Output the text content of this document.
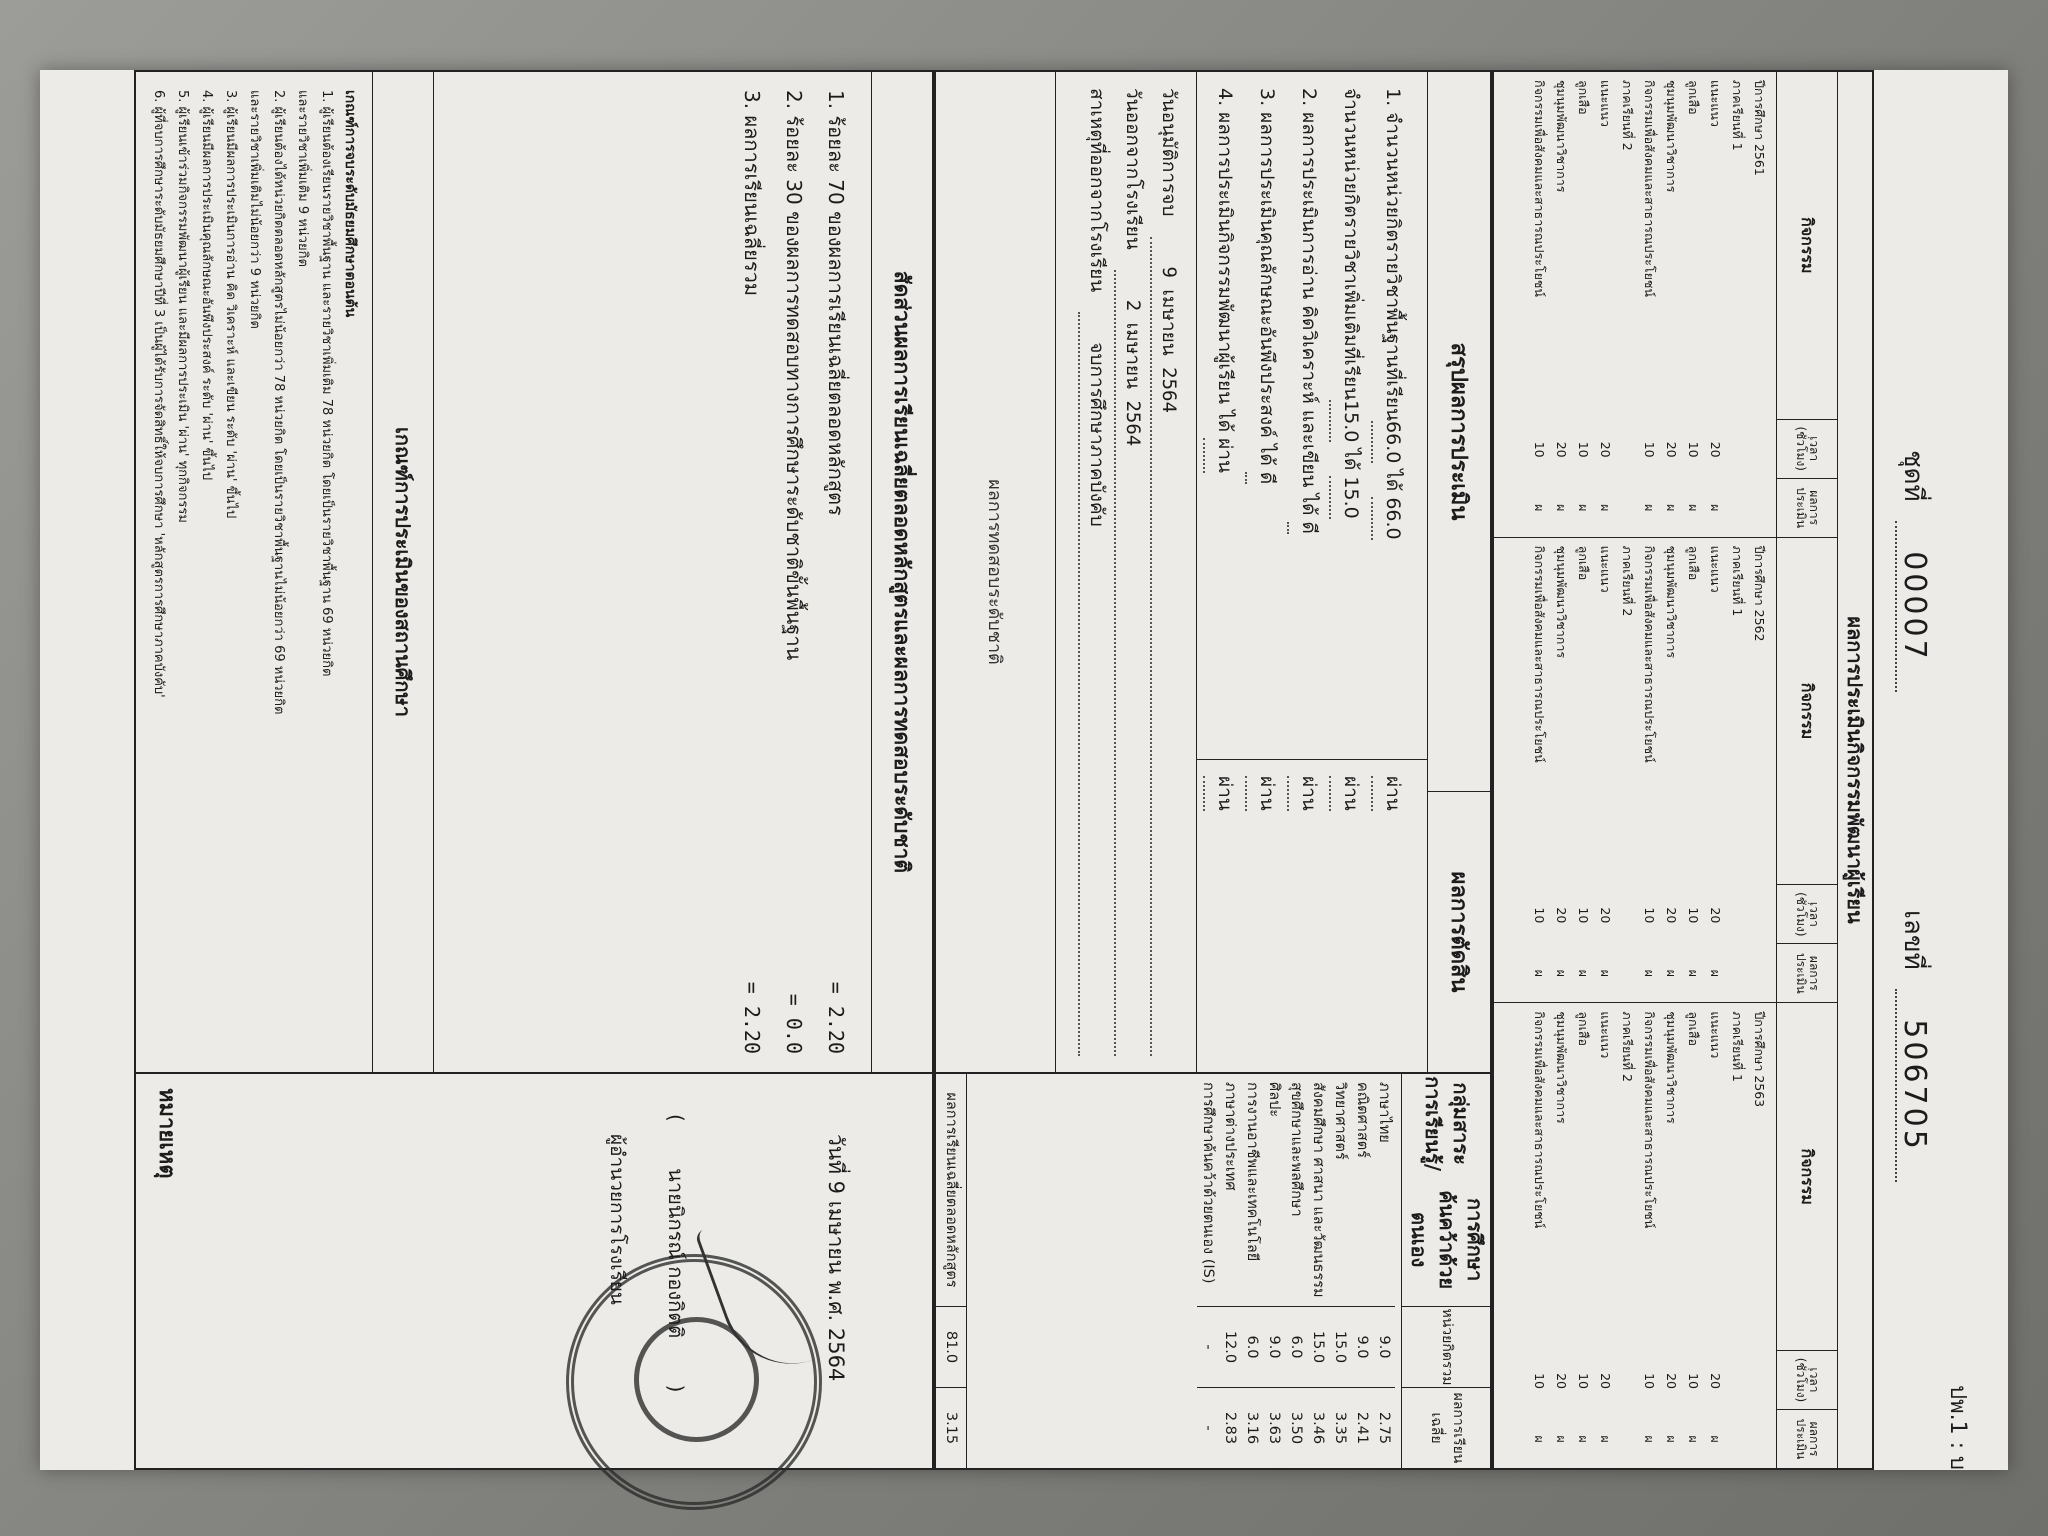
ปพ.1 : บ
ชุดที่ 00007
เลขที่ 506705
ผลการประเมินกิจกรรมพัฒนาผู้เรียน
กิจกรรม
เวลา (ชั่วโมง)
ผลการประเมิน
ปีการศึกษา 2561
ภาคเรียนที่ 1
แนะแนว
20
ผ
ลูกเสือ
10
ผ
ชุมนุมพัฒนาวิชาการ
20
ผ
กิจกรรมเพื่อสังคมและสาธารณประโยชน์
10
ผ
ภาคเรียนที่ 2
แนะแนว
20
ผ
ลูกเสือ
10
ผ
ชุมนุมพัฒนาวิชาการ
20
ผ
กิจกรรมเพื่อสังคมและสาธารณประโยชน์
10
ผ
กิจกรรม
เวลา (ชั่วโมง)
ผลการประเมิน
ปีการศึกษา 2562
ภาคเรียนที่ 1
แนะแนว
20
ผ
ลูกเสือ
10
ผ
ชุมนุมพัฒนาวิชาการ
20
ผ
กิจกรรมเพื่อสังคมและสาธารณประโยชน์
10
ผ
ภาคเรียนที่ 2
แนะแนว
20
ผ
ลูกเสือ
10
ผ
ชุมนุมพัฒนาวิชาการ
20
ผ
กิจกรรมเพื่อสังคมและสาธารณประโยชน์
10
ผ
กิจกรรม
เวลา (ชั่วโมง)
ผลการประเมิน
ปีการศึกษา 2563
ภาคเรียนที่ 1
แนะแนว
20
ผ
ลูกเสือ
10
ผ
ชุมนุมพัฒนาวิชาการ
20
ผ
กิจกรรมเพื่อสังคมและสาธารณประโยชน์
10
ผ
ภาคเรียนที่ 2
แนะแนว
20
ผ
ลูกเสือ
10
ผ
ชุมนุมพัฒนาวิชาการ
20
ผ
กิจกรรมเพื่อสังคมและสาธารณประโยชน์
10
ผ
สรุปผลการประเมิน
ผลการตัดสิน
1. จำนวนหน่วยกิตรายวิชาพื้นฐานที่เรียน66.0 ได้ 66.0
จำนวนหน่วยกิตรายวิชาเพิ่มเติมที่เรียน15.0 ได้ 15.0
2. ผลการประเมินการอ่าน คิดวิเคราะห์ และเขียน ได้ ดี
3. ผลการประเมินคุณลักษณะอันพึงประสงค์ ได้ ดี
4. ผลการประเมินกิจกรรมพัฒนาผู้เรียน ได้ ผ่าน
ผ่าน
ผ่าน
ผ่าน
ผ่าน
ผ่าน
วันอนุมัติการจบ
9 เมษายน 2564
วันออกจากโรงเรียน
2 เมษายน 2564
สาเหตุที่ออกจากโรงเรียน
จบการศึกษาภาคบังคับ
ผลการทดสอบระดับชาติ
กลุ่มสาระการเรียนรู้/

การศึกษาค้นคว้าด้วยตนเอง
หน่วยกิตรวม
ผลการเรียนเฉลี่ย
ภาษาไทย
9.0
2.75
คณิตศาสตร์
9.0
2.41
วิทยาศาสตร์
15.0
3.35
สังคมศึกษา ศาสนา และวัฒนธรรม
15.0
3.46
สุขศึกษาและพลศึกษา
6.0
3.50
ศิลปะ
9.0
3.63
การงานอาชีพและเทคโนโลยี
6.0
3.16
ภาษาต่างประเทศ
12.0
2.83
การศึกษาค้นคว้าด้วยตนเอง (IS)
-
-
ผลการเรียนเฉลี่ยตลอดหลักสูตร
81.0
3.15
สัดส่วนผลการเรียนเฉลี่ยตลอดหลักสูตรและผลการทดสอบระดับชาติ
1. ร้อยละ 70 ของผลการเรียนเฉลี่ยตลอดหลักสูตร
= 2.20
2. ร้อยละ 30 ของผลการทดสอบทางการศึกษาระดับชาติขั้นพื้นฐาน
= 0.0
3. ผลการเรียนเฉลี่ยรวม
= 2.20
เกณฑ์การประเมินของสถานศึกษา
เกณฑ์การจบระดับมัธยมศึกษาตอนต้น
1. ผู้เรียนต้องเรียนรายวิชาพื้นฐาน และรายวิชาเพิ่มเติม 78 หน่วยกิต โดยเป็นรายวิชาพื้นฐาน 69 หน่วยกิต
และรายวิชาเพิ่มเติม 9 หน่วยกิต
2. ผู้เรียนต้องได้หน่วยกิตตลอดหลักสูตรไม่น้อยกว่า 78 หน่วยกิต โดยเป็นรายวิชาพื้นฐานไม่น้อยกว่า 69 หน่วยกิต
และรายวิชาเพิ่มเติมไม่น้อยกว่า 9 หน่วยกิต
3. ผู้เรียนมีผลการประเมินการอ่าน คิด วิเคราะห์ และเขียน ระดับ 'ผ่าน' ขึ้นไป
4. ผู้เรียนมีผลการประเมินคุณลักษณะอันพึงประสงค์ ระดับ 'ผ่าน' ขึ้นไป
5. ผู้เรียนเข้าร่วมกิจกรรมพัฒนาผู้เรียน และมีผลการประเมิน 'ผ่าน' ทุกกิจกรรม
6. ผู้ที่จบการศึกษาระดับมัธยมศึกษาปีที่ 3 เป็นผู้ได้รับการจัดสิทธิ์ให้จบการศึกษา 'หลักสูตรการศึกษาภาคบังคับ'
วันที่ 9 เมษายน พ.ศ. 2564
( นายนิกรณ์ กองกิตติ )
ผู้อำนวยการโรงเรียน
หมายเหตุ
